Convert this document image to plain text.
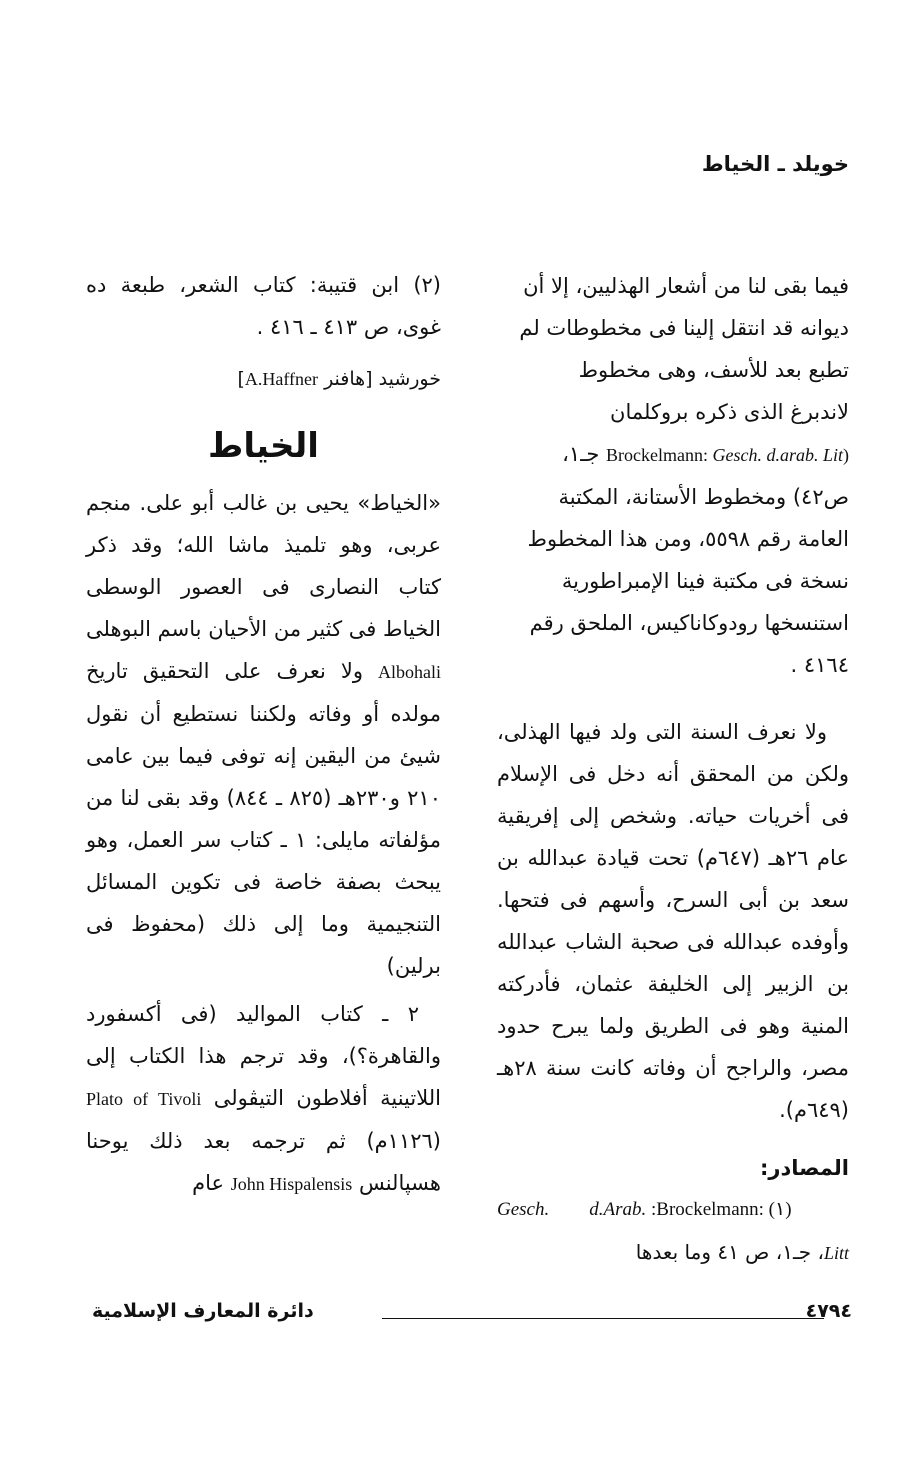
خويلد ـ الخياط

فيما بقى لنا من أشعار الهذليين، إلا أن
ديوانه قد انتقل إلينا فى مخطوطات لم
تطبع بعد للأسف، وهى مخطوط
لاندبرغ الذى ذكره بروكلمان
(Brockelmann: Gesch. d.arab. Lit جـ١،
ص٤٢) ومخطوط الأستانة، المكتبة
العامة رقم ٥٥٩٨، ومن هذا المخطوط
نسخة فى مكتبة فينا الإمبراطورية
استنسخها رودوكاناكيس، الملحق رقم
٤١٦٤ .

ولا نعرف السنة التى ولد فيها الهذلى، ولكن من المحقق أنه دخل فى الإسلام فى أخريات حياته. وشخص إلى إفريقية عام ٢٦هـ (٦٤٧م) تحت قيادة عبدالله بن سعد بن أبى السرح، وأسهم فى فتحها. وأوفده عبدالله فى صحبة الشاب عبدالله بن الزبير إلى الخليفة عثمان، فأدركته المنية وهو فى الطريق ولما يبرح حدود مصر، والراجح أن وفاته كانت سنة ٢٨هـ (٦٤٩م).

المصادر:

Gesch. d.Arab. :Brockelmann: (١)

Litt، جـ١، ص ٤١ وما بعدها

(٢) ابن قتيبة: كتاب الشعر، طبعة ده غوى، ص ٤١٣ ـ ٤١٦ .

خورشيد [هافنر A.Haffner]

الخياط

«الخياط» يحيى بن غالب أبو على. منجم عربى، وهو تلميذ ماشا الله؛ وقد ذكر كتاب النصارى فى العصور الوسطى الخياط فى كثير من الأحيان باسم البوهلى Albohali ولا نعرف على التحقيق تاريخ مولده أو وفاته ولكننا نستطيع أن نقول شيئ من اليقين إنه توفى فيما بين عامى ٢١٠ و٢٣٠هـ (٨٢٥ ـ ٨٤٤) وقد بقى لنا من مؤلفاته مايلى: ١ ـ كتاب سر العمل، وهو يبحث بصفة خاصة فى تكوين المسائل التنجيمية وما إلى ذلك (محفوظ فى برلين)

٢ ـ كتاب المواليد (فى أكسفورد والقاهرة؟)، وقد ترجم هذا الكتاب إلى اللاتينية أفلاطون التيڤولى Plato of Tivoli (١١٢٦م) ثم ترجمه بعد ذلك يوحنا هسپالنس John Hispalensis عام

دائرة المعارف الإسلامية	٤٧٩٤
